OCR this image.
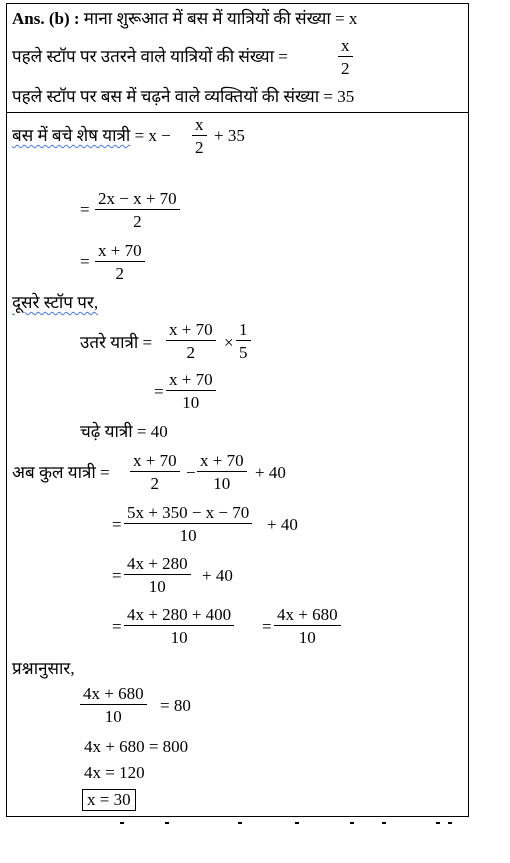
Ans. (b) : माना शुरूआत में बस में यात्रियों की संख्या = x
पहले स्टॉप पर उतरने वाले यात्रियों की संख्या =	$\frac{x}{2}$
पहले स्टॉप पर बस में चढ़ने वाले व्यक्तियों की संख्या = 35
बस में बचे शेष यात्री = $x - \frac{x}{2} + 35$
= $\frac{2x - x + 70}{2}$
= $\frac{x + 70}{2}$
दूसरे स्टॉप पर,
उतरे यात्री = $\frac{x + 70}{2} \times \frac{1}{5}$
= $\frac{x + 70}{10}$
चढ़े यात्री = 40
अब कुल यात्री = $\frac{x + 70}{2} - \frac{x + 70}{10} + 40$
= $\frac{5x + 350 - x - 70}{10} + 40$
= $\frac{4x + 280}{10} + 40$
= $\frac{4x + 280 + 400}{10} = \frac{4x + 680}{10}$
प्रश्नानुसार,
$\frac{4x + 680}{10} = 80$
4x + 680 = 800
4x = 120
x = 30
